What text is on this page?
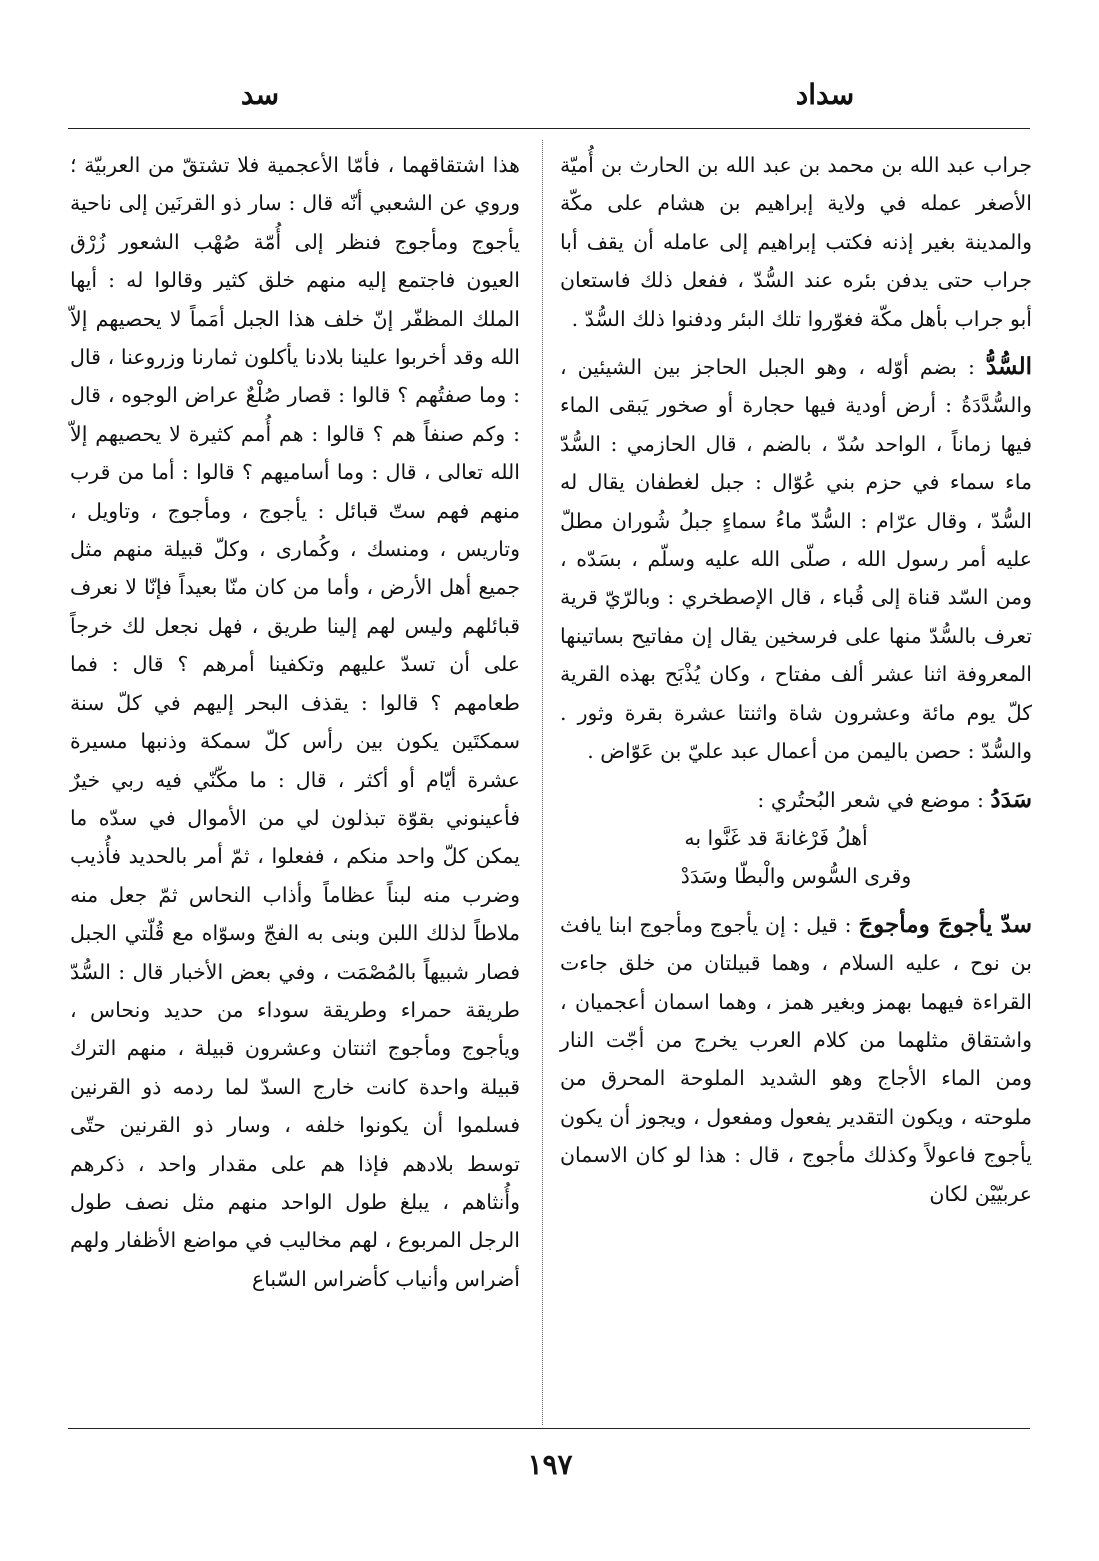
سداد
سد

جراب عبد الله بن محمد بن عبد الله بن الحارث بن أُميّة الأصغر عمله في ولاية إبراهيم بن هشام على مكّة والمدينة بغير إذنه فكتب إبراهيم إلى عامله أن يقف أبا جراب حتى يدفن بئره عند السُّدّ ، ففعل ذلك فاستعان أبو جراب بأهل مكّة فغوّروا تلك البئر ودفنوا ذلك السُّدّ .

السُّدُّ : بضم أوّله ، وهو الجبل الحاجز بين الشيئين ، والسُّدَّدَةُ : أرض أودية فيها حجارة أو صخور يَبقى الماء فيها زماناً ، الواحد سُدّ ، بالضم ، قال الحازمي : السُّدّ ماء سماء في حزم بني عُوّال : جبل لغطفان يقال له السُّدّ ، وقال عرّام : السُّدّ ماءُ سماءٍ جبلُ شُوران مطلّ عليه أمر رسول الله ، صلّى الله عليه وسلّم ، بسَدّه ، ومن السّد قناة إلى قُباء ، قال الإصطخري : وبالرّيّ قرية تعرف بالسُّدّ منها على فرسخين يقال إن مفاتيح بساتينها المعروفة اثنا عشر ألف مفتاح ، وكان يُذْبَح بهذه القرية كلّ يوم مائة وعشرون شاة واثنتا عشرة بقرة وثور . والسُّدّ : حصن باليمن من أعمال عبد عليّ بن عَوّاض .

سَدَدُ : موضع في شعر البُحتُري :

أهلُ فَرْغانةَ قد غَنَّوا به

وقرى السُّوس والْبطّا وسَدَدْ

سدّ يأجوجَ ومأجوجَ : قيل : إن يأجوج ومأجوج ابنا يافث بن نوح ، عليه السلام ، وهما قبيلتان من خلق جاءت القراءة فيهما بهمز وبغير همز ، وهما اسمان أعجميان ، واشتقاق مثلهما من كلام العرب يخرج من أجّت النار ومن الماء الأجاج وهو الشديد الملوحة المحرق من ملوحته ، ويكون التقدير يفعول ومفعول ، ويجوز أن يكون يأجوج فاعولاً وكذلك مأجوج ، قال : هذا لو كان الاسمان عربيّيْن لكان

هذا اشتقاقهما ، فأمّا الأعجمية فلا تشتقّ من العربيّة ؛ وروي عن الشعبي أنّه قال : سار ذو القرنَين إلى ناحية يأجوج ومأجوج فنظر إلى أُمّة صُهْب الشعور زُرْق العيون فاجتمع إليه منهم خلق كثير وقالوا له : أيها الملك المظفّر إنّ خلف هذا الجبل أمَماً لا يحصيهم إلاّ الله وقد أخربوا علينا بلادنا يأكلون ثمارنا وزروعنا ، قال : وما صفتُهم ؟ قالوا : قصار صُلْعٌ عراض الوجوه ، قال : وكم صنفاً هم ؟ قالوا : هم أُمم كثيرة لا يحصيهم إلاّ الله تعالى ، قال : وما أساميهم ؟ قالوا : أما من قرب منهم فهم ستّ قبائل : يأجوج ، ومأجوج ، وتاويل ، وتاريس ، ومنسك ، وكُمارى ، وكلّ قبيلة منهم مثل جميع أهل الأرض ، وأما من كان منّا بعيداً فإنّا لا نعرف قبائلهم وليس لهم إلينا طريق ، فهل نجعل لك خرجاً على أن تسدّ عليهم وتكفينا أمرهم ؟ قال : فما طعامهم ؟ قالوا : يقذف البحر إليهم في كلّ سنة سمكتَين يكون بين رأس كلّ سمكة وذنبها مسيرة عشرة أيّام أو أكثر ، قال : ما مكّنّي فيه ربي خيرٌ فأعينوني بقوّة تبذلون لي من الأموال في سدّه ما يمكن كلّ واحد منكم ، ففعلوا ، ثمّ أمر بالحديد فأُذيب وضرب منه لبناً عظاماً وأذاب النحاس ثمّ جعل منه ملاطاً لذلك اللبن وبنى به الفجّ وسوّاه مع قُلّتي الجبل فصار شبيهاً بالمُصْمَت ، وفي بعض الأخبار قال : السُّدّ طريقة حمراء وطريقة سوداء من حديد ونحاس ، ويأجوج ومأجوج اثنتان وعشرون قبيلة ، منهم الترك قبيلة واحدة كانت خارج السدّ لما ردمه ذو القرنين فسلموا أن يكونوا خلفه ، وسار ذو القرنين حتّى توسط بلادهم فإذا هم على مقدار واحد ، ذكرهم وأُنثاهم ، يبلغ طول الواحد منهم مثل نصف طول الرجل المربوع ، لهم مخاليب في مواضع الأظفار ولهم أضراس وأنياب كأضراس السّباع

١٩٧
